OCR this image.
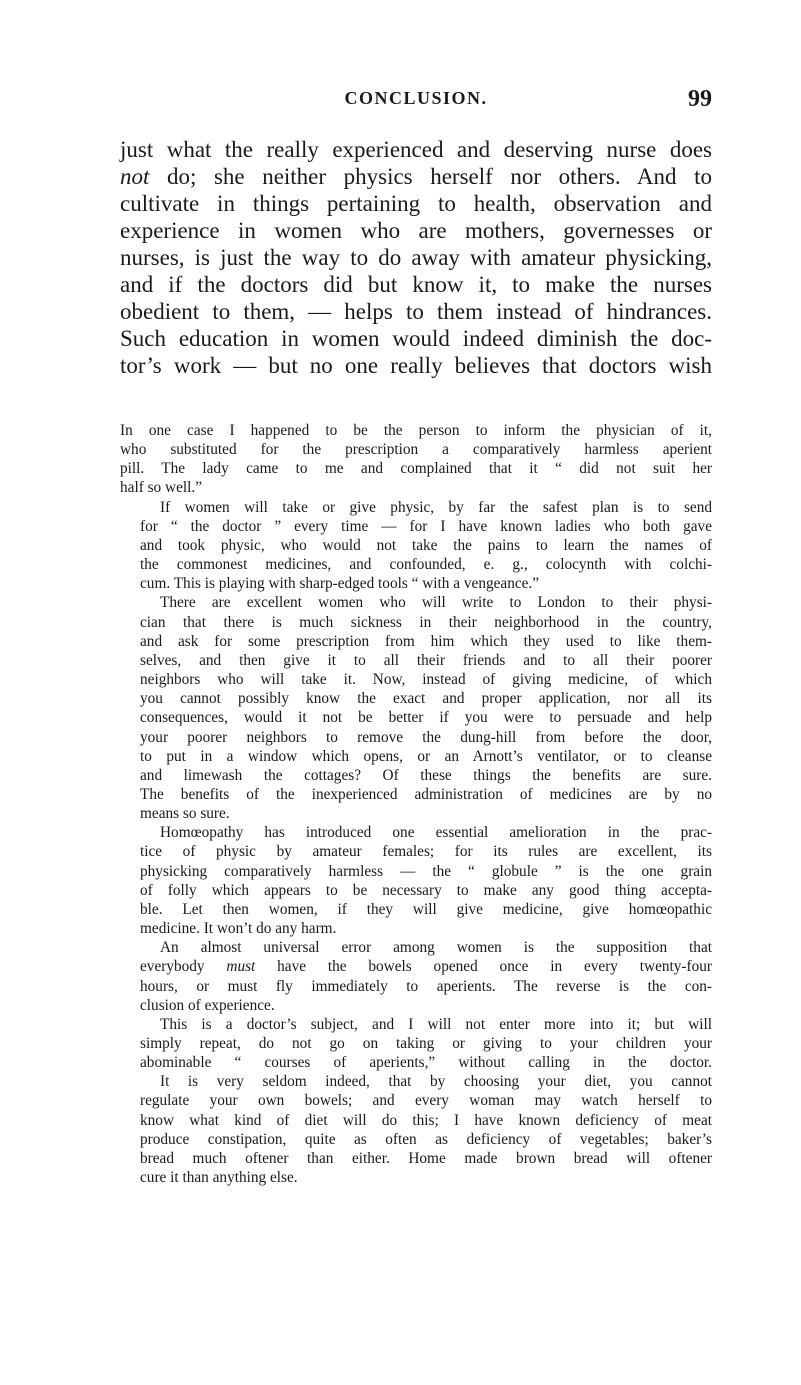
CONCLUSION.	99
just what the really experienced and deserving nurse does
not do; she neither physics herself nor others. And to
cultivate in things pertaining to health, observation and
experience in women who are mothers, governesses or
nurses, is just the way to do away with amateur physicking,
and if the doctors did but know it, to make the nurses
obedient to them, — helps to them instead of hindrances.
Such education in women would indeed diminish the doc-
tor’s work — but no one really believes that doctors wish
In one case I happened to be the person to inform the physician of it,
who substituted for the prescription a comparatively harmless aperient
pill. The lady came to me and complained that it “ did not suit her
half so well.”
If women will take or give physic, by far the safest plan is to send
for “ the doctor ” every time — for I have known ladies who both gave
and took physic, who would not take the pains to learn the names of
the commonest medicines, and confounded, e. g., colocynth with colchi-
cum. This is playing with sharp-edged tools “ with a vengeance.”
There are excellent women who will write to London to their physi-
cian that there is much sickness in their neighborhood in the country,
and ask for some prescription from him which they used to like them-
selves, and then give it to all their friends and to all their poorer
neighbors who will take it. Now, instead of giving medicine, of which
you cannot possibly know the exact and proper application, nor all its
consequences, would it not be better if you were to persuade and help
your poorer neighbors to remove the dung-hill from before the door,
to put in a window which opens, or an Arnott’s ventilator, or to cleanse
and limewash the cottages? Of these things the benefits are sure.
The benefits of the inexperienced administration of medicines are by no
means so sure.
Homœopathy has introduced one essential amelioration in the prac-
tice of physic by amateur females; for its rules are excellent, its
physicking comparatively harmless — the “ globule ” is the one grain
of folly which appears to be necessary to make any good thing accepta-
ble. Let then women, if they will give medicine, give homœopathic
medicine. It won’t do any harm.
An almost universal error among women is the supposition that
everybody must have the bowels opened once in every twenty-four
hours, or must fly immediately to aperients. The reverse is the con-
clusion of experience.
This is a doctor’s subject, and I will not enter more into it; but will
simply repeat, do not go on taking or giving to your children your
abominable “ courses of aperients,” without calling in the doctor.
It is very seldom indeed, that by choosing your diet, you cannot
regulate your own bowels; and every woman may watch herself to
know what kind of diet will do this; I have known deficiency of meat
produce constipation, quite as often as deficiency of vegetables; baker’s
bread much oftener than either. Home made brown bread will oftener
cure it than anything else.
